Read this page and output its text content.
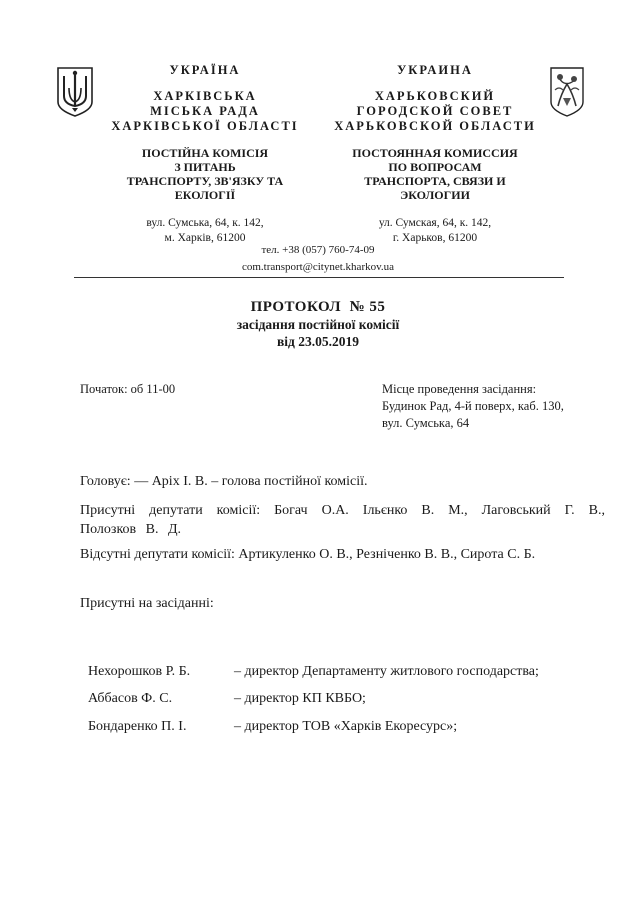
УКРАЇНА
ХАРКІВСЬКА
МІСЬКА РАДА
ХАРКІВСЬКОЇ ОБЛАСТІ
ПОСТІЙНА КОМІСІЯ
З ПИТАНЬ
ТРАНСПОРТУ, ЗВ'ЯЗКУ ТА
ЕКОЛОГІЇ
вул. Сумська, 64, к. 142,
м. Харків, 61200
УКРАИНА
ХАРЬКОВСКИЙ
ГОРОДСКОЙ СОВЕТ
ХАРЬКОВСКОЙ ОБЛАСТИ
ПОСТОЯННАЯ КОМИССИЯ
ПО ВОПРОСАМ
ТРАНСПОРТА, СВЯЗИ И
ЭКОЛОГИИ
ул. Сумская, 64, к. 142,
г. Харьков, 61200
тел. +38 (057) 760-74-09
com.transport@citynet.kharkov.ua
ПРОТОКОЛ  № 55
засідання постійної комісії
від 23.05.2019
Початок: об 11-00	Місце проведення засідання:
Будинок Рад, 4-й поверх, каб. 130,
вул. Сумська, 64
Головує: — Аріх І. В. – голова постійної комісії.
Присутні депутати комісії: Богач О.А. Ільєнко В. М., Лаговський Г. В., Полозков В. Д.
Відсутні депутати комісії: Артикуленко О. В., Резніченко В. В., Сирота С. Б.
Присутні на засіданні:
Нехорошков Р. Б.	– директор Департаменту житлового господарства;
Аббасов Ф. С.	– директор КП КВБО;
Бондаренко П. І.	– директор ТОВ «Харків Екоресурс»;
